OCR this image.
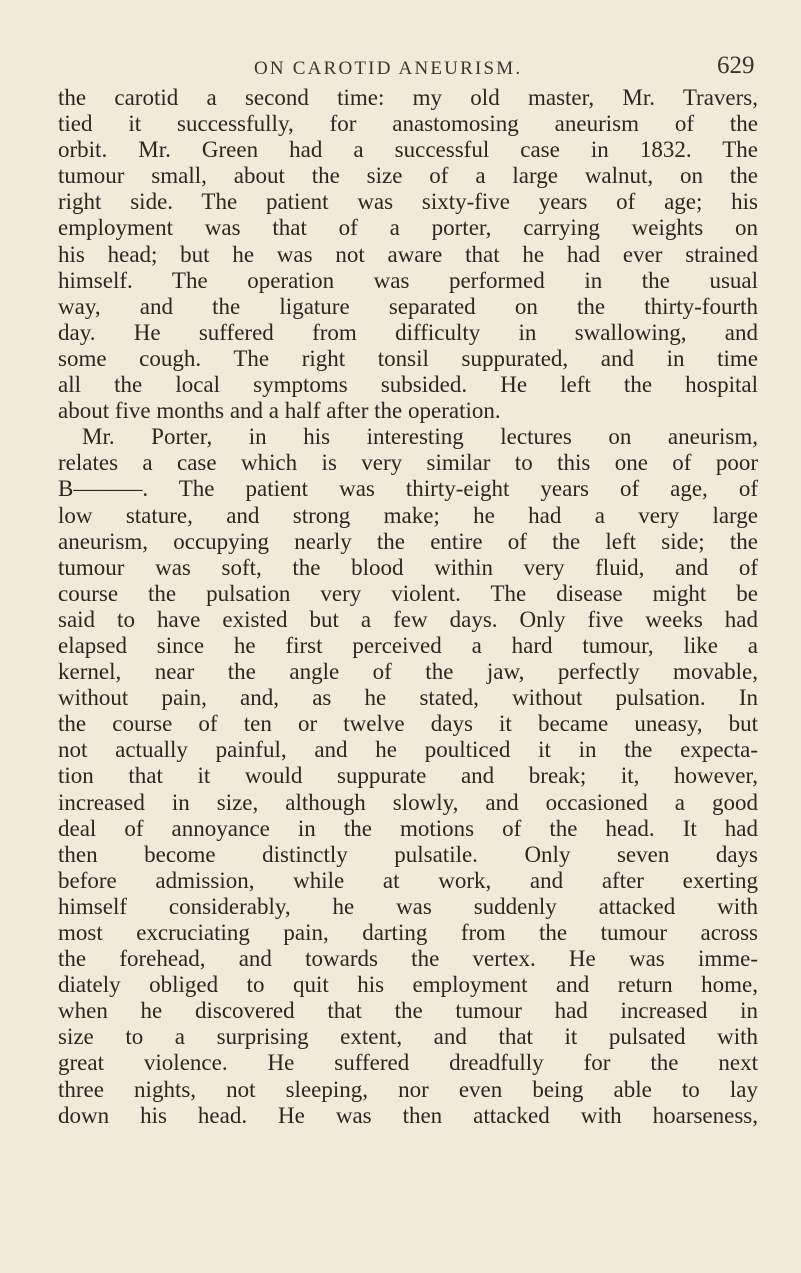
ON CAROTID ANEURISM.	629
the carotid a second time: my old master, Mr. Travers,
tied it successfully, for anastomosing aneurism of the
orbit. Mr. Green had a successful case in 1832. The
tumour small, about the size of a large walnut, on the
right side. The patient was sixty-five years of age; his
employment was that of a porter, carrying weights on
his head; but he was not aware that he had ever strained
himself. The operation was performed in the usual
way, and the ligature separated on the thirty-fourth
day. He suffered from difficulty in swallowing, and
some cough. The right tonsil suppurated, and in time
all the local symptoms subsided. He left the hospital
about five months and a half after the operation.
Mr. Porter, in his interesting lectures on aneurism,
relates a case which is very similar to this one of poor
B———. The patient was thirty-eight years of age, of
low stature, and strong make; he had a very large
aneurism, occupying nearly the entire of the left side; the
tumour was soft, the blood within very fluid, and of
course the pulsation very violent. The disease might be
said to have existed but a few days. Only five weeks had
elapsed since he first perceived a hard tumour, like a
kernel, near the angle of the jaw, perfectly movable,
without pain, and, as he stated, without pulsation. In
the course of ten or twelve days it became uneasy, but
not actually painful, and he poulticed it in the expecta-
tion that it would suppurate and break; it, however,
increased in size, although slowly, and occasioned a good
deal of annoyance in the motions of the head. It had
then become distinctly pulsatile. Only seven days
before admission, while at work, and after exerting
himself considerably, he was suddenly attacked with
most excruciating pain, darting from the tumour across
the forehead, and towards the vertex. He was imme-
diately obliged to quit his employment and return home,
when he discovered that the tumour had increased in
size to a surprising extent, and that it pulsated with
great violence. He suffered dreadfully for the next
three nights, not sleeping, nor even being able to lay
down his head. He was then attacked with hoarseness,
